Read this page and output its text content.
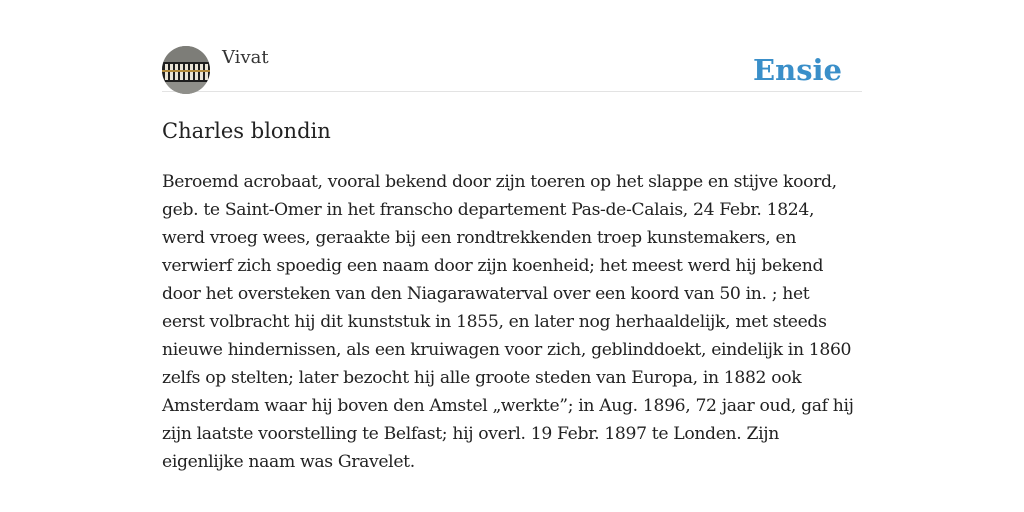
Vivat	Ensie
Charles blondin
Beroemd acrobaat, vooral bekend door zijn toeren op het slappe en stijve koord,
geb. te Saint-Omer in het franscho departement Pas-de-Calais, 24 Febr. 1824,
werd vroeg wees, geraakte bij een rondtrekkenden troep kunstemakers, en
verwierf zich spoedig een naam door zijn koenheid; het meest werd hij bekend
door het oversteken van den Niagarawaterval over een koord van 50 in. ; het
eerst volbracht hij dit kunststuk in 1855, en later nog herhaaldelijk, met steeds
nieuwe hindernissen, als een kruiwagen voor zich, geblinddoekt, eindelijk in 1860
zelfs op stelten; later bezocht hij alle groote steden van Europa, in 1882 ook
Amsterdam waar hij boven den Amstel „werkte”; in Aug. 1896, 72 jaar oud, gaf hij
zijn laatste voorstelling te Belfast; hij overl. 19 Febr. 1897 te Londen. Zijn
eigenlijke naam was Gravelet.
